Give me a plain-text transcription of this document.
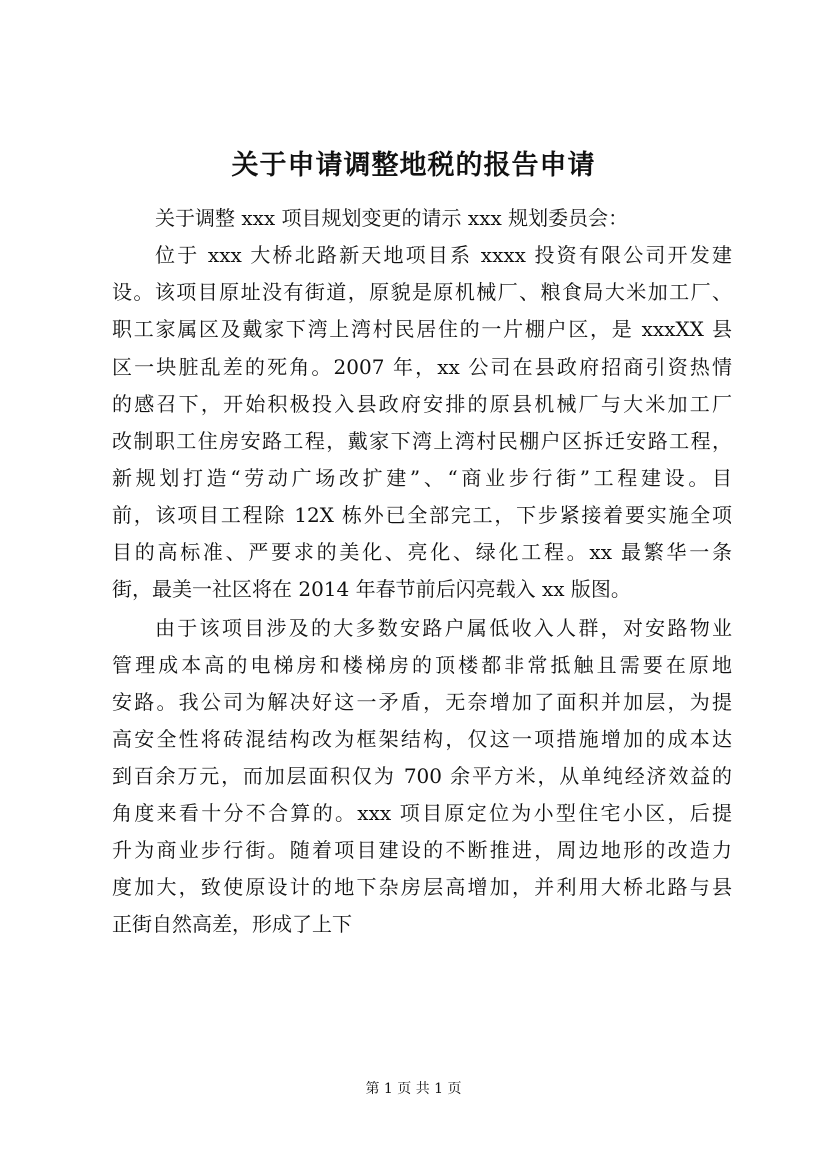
关于申请调整地税的报告申请
关于调整 xxx 项目规划变更的请示 xxx 规划委员会：
位于 xxx 大桥北路新天地项目系 xxxx 投资有限公司开发建
设。该项目原址没有街道，原貌是原机械厂、粮食局大米加工厂、
职工家属区及戴家下湾上湾村民居住的一片棚户区，是 xxxXX 县
区一块脏乱差的死角。2007 年，xx 公司在县政府招商引资热情
的感召下，开始积极投入县政府安排的原县机械厂与大米加工厂
改制职工住房安路工程，戴家下湾上湾村民棚户区拆迁安路工程，
新规划打造“劳动广场改扩建”、“商业步行街”工程建设。目
前，该项目工程除 12X 栋外已全部完工，下步紧接着要实施全项
目的高标准、严要求的美化、亮化、绿化工程。xx 最繁华一条
街，最美一社区将在 2014 年春节前后闪亮载入 xx 版图。
由于该项目涉及的大多数安路户属低收入人群，对安路物业
管理成本高的电梯房和楼梯房的顶楼都非常抵触且需要在原地
安路。我公司为解决好这一矛盾，无奈增加了面积并加层，为提
高安全性将砖混结构改为框架结构，仅这一项措施增加的成本达
到百余万元，而加层面积仅为 700 余平方米，从单纯经济效益的
角度来看十分不合算的。xxx 项目原定位为小型住宅小区，后提
升为商业步行街。随着项目建设的不断推进，周边地形的改造力
度加大，致使原设计的地下杂房层高增加，并利用大桥北路与县
正街自然高差，形成了上下
第 1 页 共 1 页
